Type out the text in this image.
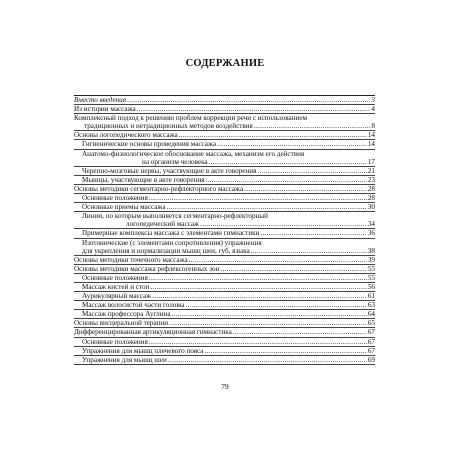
СОДЕРЖАНИЕ
Вместо введения .....	3
Из истории массажа .....	4
Комплексный подход к решению проблем коррекции речи с использованием
традиционных и нетрадиционных методов воздействия .....	8
Основы логопедического массажа .....	14
Гигиенические основы проведения массажа .....	14
Анатомо-физиологическое обоснование массажа, механизм его действия
на организм человека .....	17
Черепно-мозговые нервы, участвующие в акте говорения .....	21
Мышцы, участвующие в акте говорения .....	23
Основы методики сегментарно-рефлекторного массажа .....	28
Основные положения .....	28
Основные приемы массажа .....	30
Линии, по которым выполняется сегментарно-рефлекторный
логопедический массаж .....	34
Примерные комплексы массажа с элементами гимнастики .....	36
Изотонические (с элементами сопротивления) упражнения
для укрепления и нормализации мышц шеи, губ, языка .....	38
Основы методики точечного массажа .....	39
Основы методики массажа рефлексогенных зон .....	55
Основные положения .....	55
Массаж кистей и стоп .....	56
Аурикулярный массаж .....	61
Массаж волосистой части головы .....	63
Массаж профессора Ауглина .....	64
Основы висцеральной терапии .....	65
Дифференцированная артикуляционная гимнастика .....	67
Основные положения .....	67
Упражнения для мышц плечевого пояса .....	67
Упражнения для мышц шеи .....	69
79
